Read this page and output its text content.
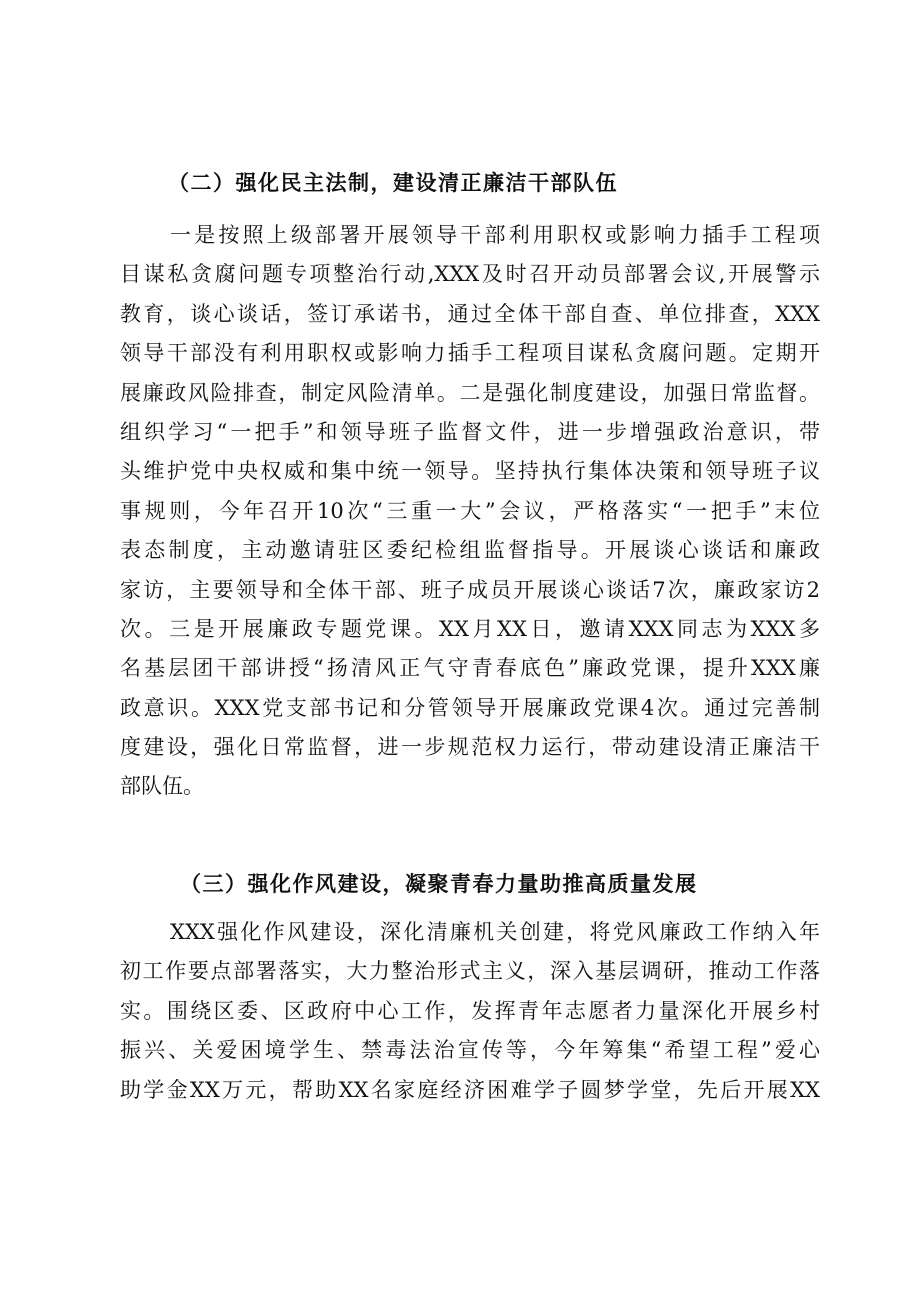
（二）强化民主法制，建设清正廉洁干部队伍
一是按照上级部署开展领导干部利用职权或影响力插手工程项
目谋私贪腐问题专项整治行动,XXX及时召开动员部署会议,开展警示
教育，谈心谈话，签订承诺书，通过全体干部自查、单位排查，XXX
领导干部没有利用职权或影响力插手工程项目谋私贪腐问题。定期开
展廉政风险排查，制定风险清单。二是强化制度建设，加强日常监督。
组织学习“一把手”和领导班子监督文件，进一步增强政治意识，带
头维护党中央权威和集中统一领导。坚持执行集体决策和领导班子议
事规则，今年召开10次“三重一大”会议，严格落实“一把手”末位
表态制度，主动邀请驻区委纪检组监督指导。开展谈心谈话和廉政
家访，主要领导和全体干部、班子成员开展谈心谈话7次，廉政家访2
次。三是开展廉政专题党课。XX月XX日，邀请XXX同志为XXX多
名基层团干部讲授“扬清风正气守青春底色”廉政党课，提升XXX廉
政意识。XXX党支部书记和分管领导开展廉政党课4次。通过完善制
度建设，强化日常监督，进一步规范权力运行，带动建设清正廉洁干
部队伍。
（三）强化作风建设，凝聚青春力量助推高质量发展
XXX强化作风建设，深化清廉机关创建，将党风廉政工作纳入年
初工作要点部署落实，大力整治形式主义，深入基层调研，推动工作落
实。围绕区委、区政府中心工作，发挥青年志愿者力量深化开展乡村
振兴、关爱困境学生、禁毒法治宣传等，今年筹集“希望工程”爱心
助学金XX万元，帮助XX名家庭经济困难学子圆梦学堂，先后开展XX
